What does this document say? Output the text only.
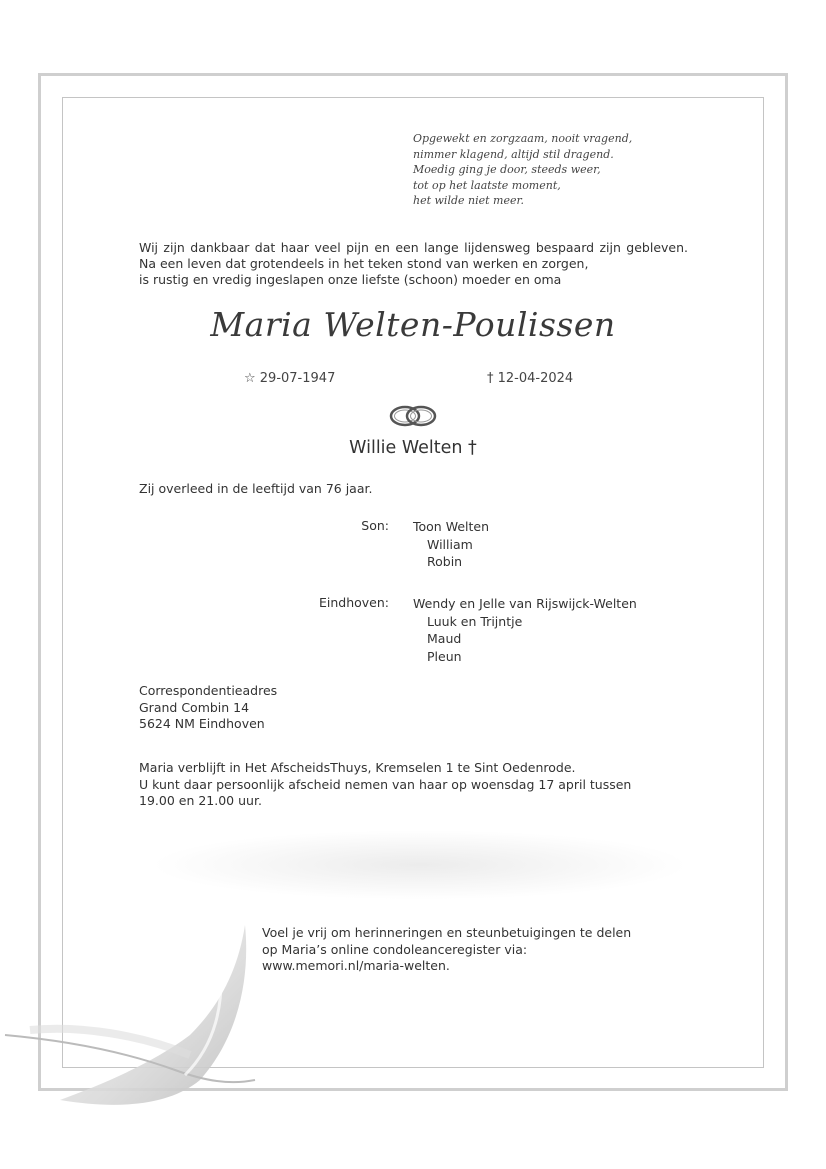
Opgewekt en zorgzaam, nooit vragend,
nimmer klagend, altijd stil dragend.
Moedig ging je door, steeds weer,
tot op het laatste moment,
het wilde niet meer.
Wij zijn dankbaar dat haar veel pijn en een lange lijdensweg bespaard zijn gebleven. Na een leven dat grotendeels in het teken stond van werken en zorgen,
is rustig en vredig ingeslapen onze liefste (schoon) moeder en oma
Maria Welten-Poulissen
☆ 29-07-1947	† 12-04-2024
Willie Welten †
Zij overleed in de leeftijd van 76 jaar.
Son: Toon Welten
William
Robin
Eindhoven: Wendy en Jelle van Rijswijck-Welten
Luuk en Trijntje
Maud
Pleun
Correspondentieadres
Grand Combin 14
5624 NM Eindhoven
Maria verblijft in Het AfscheidsThuys, Kremselen 1 te Sint Oedenrode.
U kunt daar persoonlijk afscheid nemen van haar op woensdag 17 april tussen
19.00 en 21.00 uur.
Voel je vrij om herinneringen en steunbetuigingen te delen
op Maria’s online condoleanceregister via:
www.memori.nl/maria-welten.
